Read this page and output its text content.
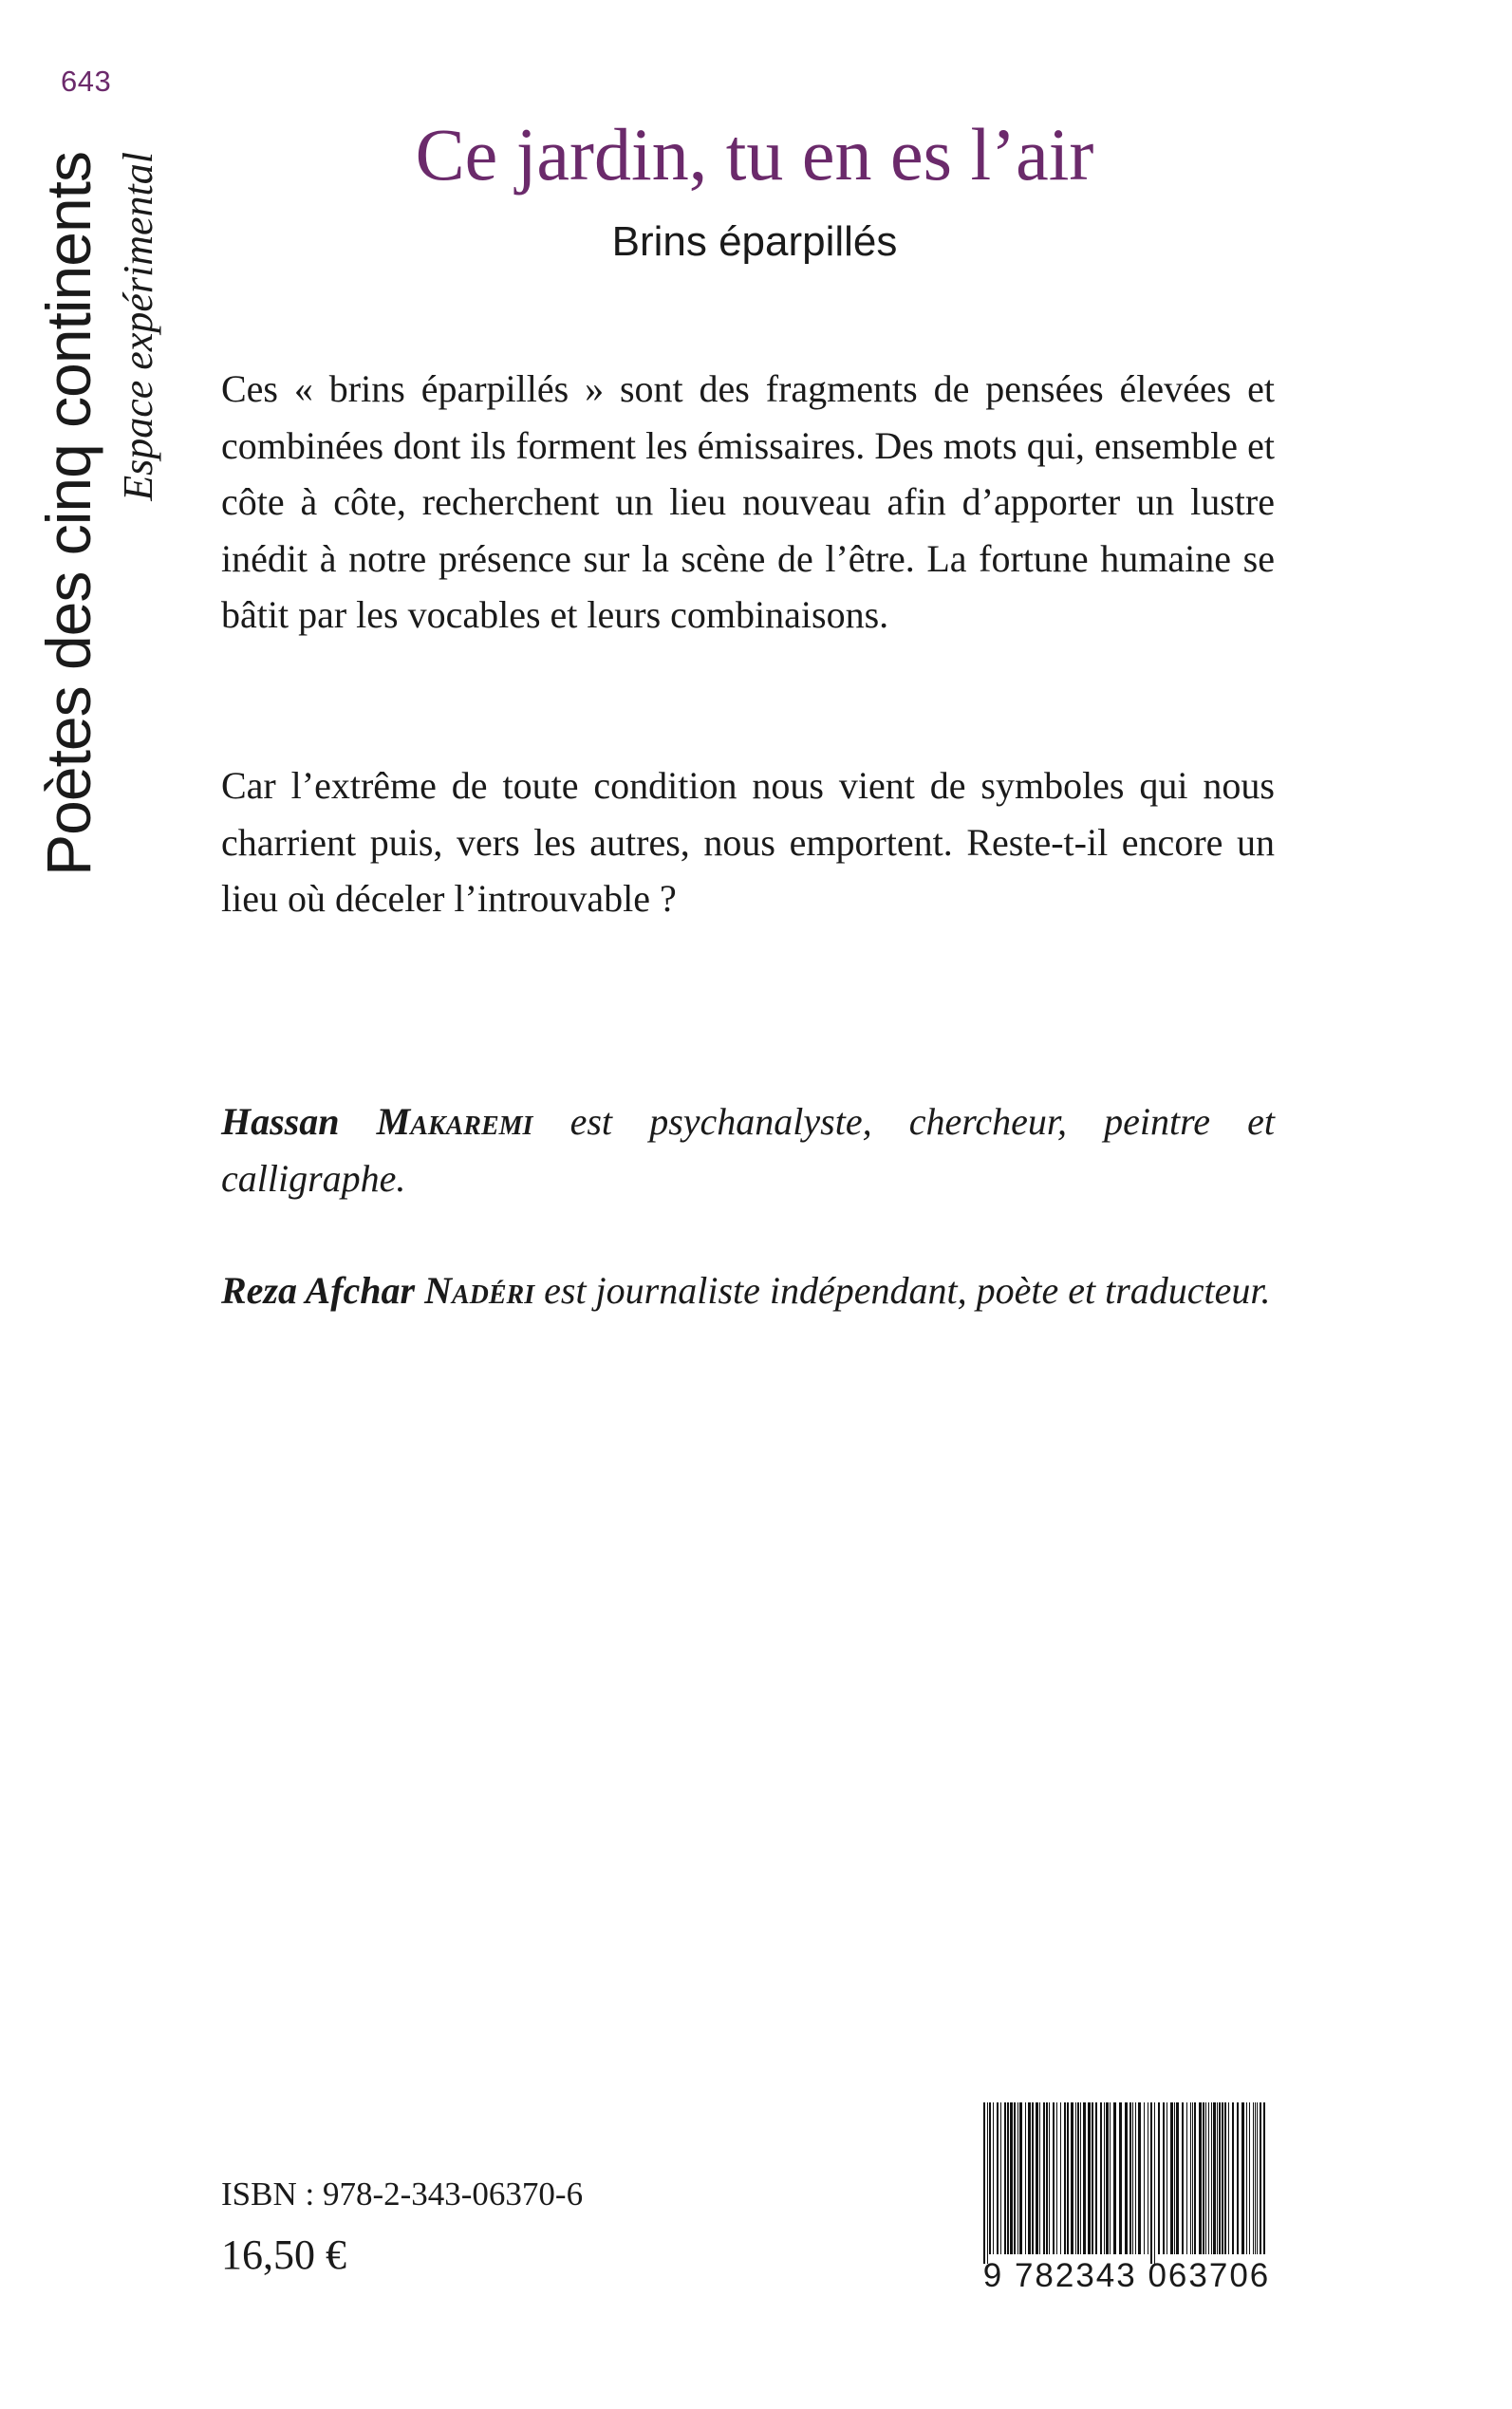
643
Poètes des cinq continents Espace expérimental	Ce jardin, tu en es l’air
Brins éparpillés
Ces « brins éparpillés » sont des fragments de pensées élevées et combinées dont ils forment les émissaires. Des mots qui, ensemble et côte à côte, recherchent un lieu nouveau afin d’apporter un lustre inédit à notre présence sur la scène de l’être. La fortune humaine se bâtit par les vocables et leurs combinaisons.
Car l’extrême de toute condition nous vient de symboles qui nous charrient puis, vers les autres, nous emportent. Reste-t-il encore un lieu où déceler l’introuvable ?
Hassan Makaremi est psychanalyste, chercheur, peintre et calligraphe.
Reza Afchar Nadéri est journaliste indépendant, poète et traducteur.
ISBN : 978-2-343-06370-6
16,50 €	9 782343 063706
